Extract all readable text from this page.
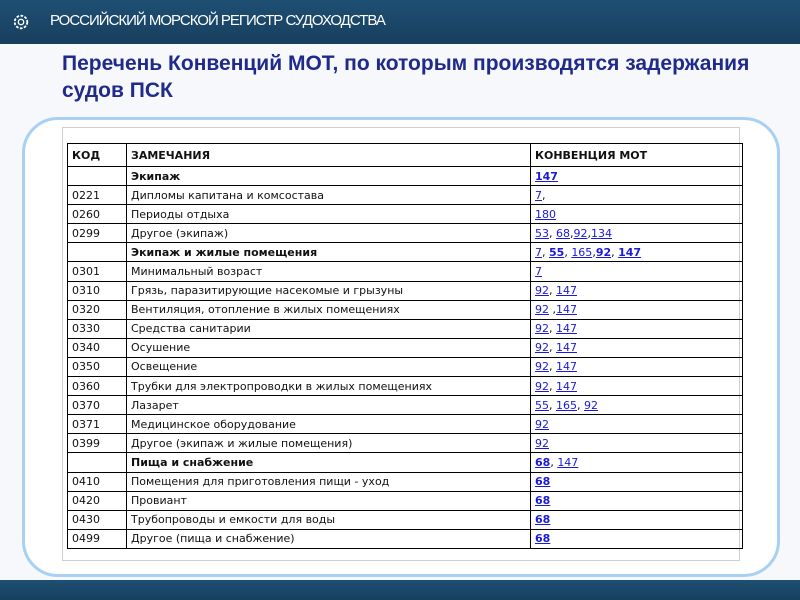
РОССИЙСКИЙ МОРСКОЙ РЕГИСТР СУДОХОДСТВА
Перечень Конвенций МОТ, по которым производятся задержания судов ПСК
КОД	ЗАМЕЧАНИЯ	КОНВЕНЦИЯ МОТ
	Экипаж	147
0221	Дипломы капитана и комсостава	7,
0260	Периоды отдыха	180
0299	Другое (экипаж)	53, 68,92,134
	Экипаж и жилые помещения	7, 55, 165,92, 147
0301	Минимальный возраст	7
0310	Грязь, паразитирующие насекомые и грызуны	92, 147
0320	Вентиляция, отопление в жилых помещениях	92 ,147
0330	Средства санитарии	92, 147
0340	Осушение	92, 147
0350	Освещение	92, 147
0360	Трубки для электропроводки в жилых помещениях	92, 147
0370	Лазарет	55, 165, 92
0371	Медицинское оборудование	92
0399	Другое (экипаж и жилые помещения)	92
	Пища и снабжение	68, 147
0410	Помещения для приготовления пищи - уход	68
0420	Провиант	68
0430	Трубопроводы и емкости для воды	68
0499	Другое (пища и снабжение)	68
